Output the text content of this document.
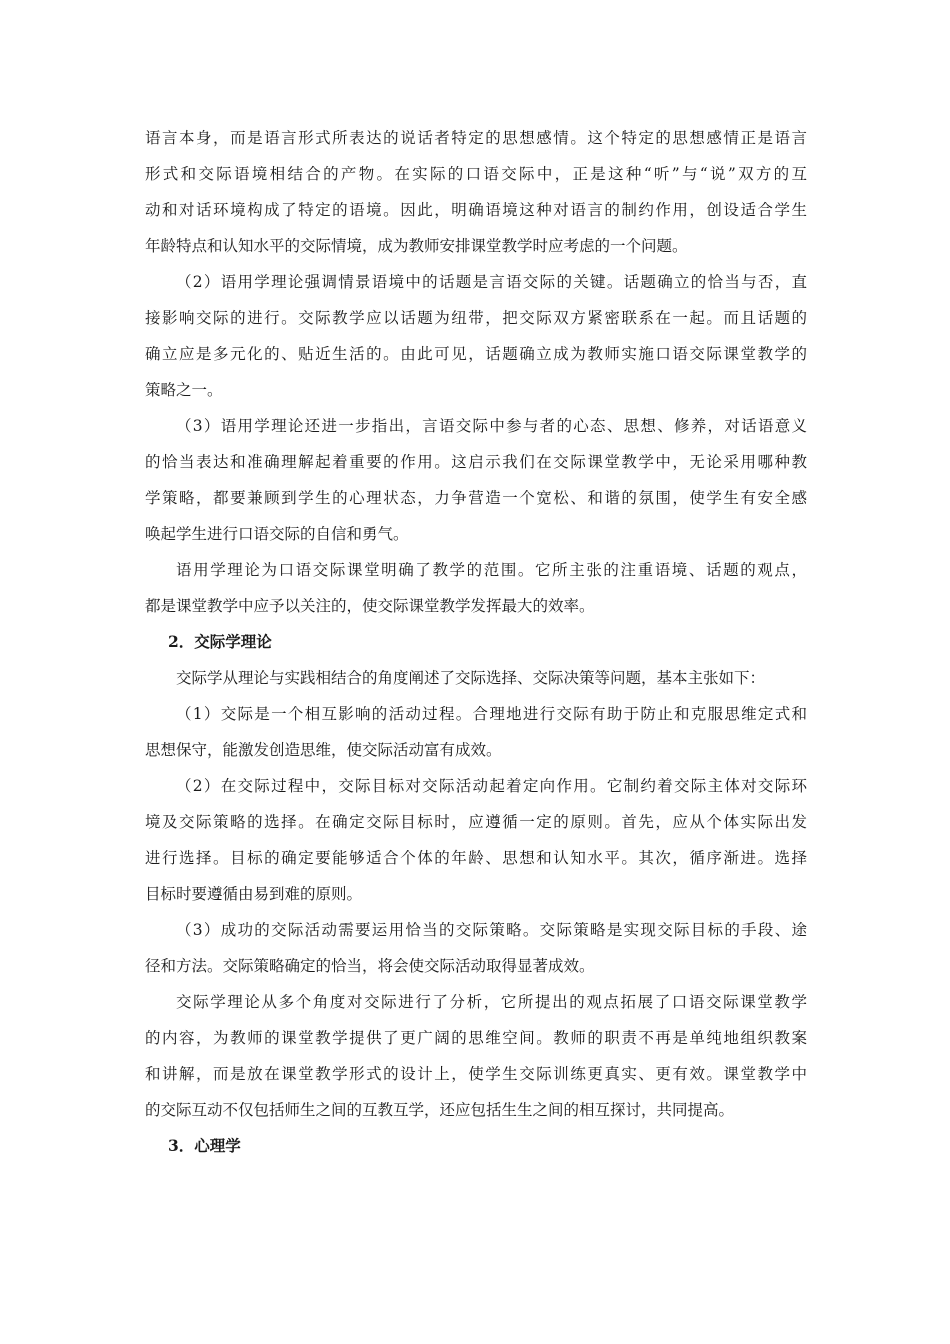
语言本身，而是语言形式所表达的说话者特定的思想感情。这个特定的思想感情正是语言
形式和交际语境相结合的产物。在实际的口语交际中，正是这种“听”与“说”双方的互
动和对话环境构成了特定的语境。因此，明确语境这种对语言的制约作用，创设适合学生
年龄特点和认知水平的交际情境，成为教师安排课堂教学时应考虑的一个问题。
（2）语用学理论强调情景语境中的话题是言语交际的关键。话题确立的恰当与否，直
接影响交际的进行。交际教学应以话题为纽带，把交际双方紧密联系在一起。而且话题的
确立应是多元化的、贴近生活的。由此可见，话题确立成为教师实施口语交际课堂教学的
策略之一。
（3）语用学理论还进一步指出，言语交际中参与者的心态、思想、修养，对话语意义
的恰当表达和准确理解起着重要的作用。这启示我们在交际课堂教学中，无论采用哪种教
学策略，都要兼顾到学生的心理状态，力争营造一个宽松、和谐的氛围，使学生有安全感
唤起学生进行口语交际的自信和勇气。
语用学理论为口语交际课堂明确了教学的范围。它所主张的注重语境、话题的观点，
都是课堂教学中应予以关注的，使交际课堂教学发挥最大的效率。
2．交际学理论
交际学从理论与实践相结合的角度阐述了交际选择、交际决策等问题，基本主张如下：
（1）交际是一个相互影响的活动过程。合理地进行交际有助于防止和克服思维定式和
思想保守，能激发创造思维，使交际活动富有成效。
（2）在交际过程中，交际目标对交际活动起着定向作用。它制约着交际主体对交际环
境及交际策略的选择。在确定交际目标时，应遵循一定的原则。首先，应从个体实际出发
进行选择。目标的确定要能够适合个体的年龄、思想和认知水平。其次，循序渐进。选择
目标时要遵循由易到难的原则。
（3）成功的交际活动需要运用恰当的交际策略。交际策略是实现交际目标的手段、途
径和方法。交际策略确定的恰当，将会使交际活动取得显著成效。
交际学理论从多个角度对交际进行了分析，它所提出的观点拓展了口语交际课堂教学
的内容，为教师的课堂教学提供了更广阔的思维空间。教师的职责不再是单纯地组织教案
和讲解，而是放在课堂教学形式的设计上，使学生交际训练更真实、更有效。课堂教学中
的交际互动不仅包括师生之间的互教互学，还应包括生生之间的相互探讨，共同提高。
3．心理学
